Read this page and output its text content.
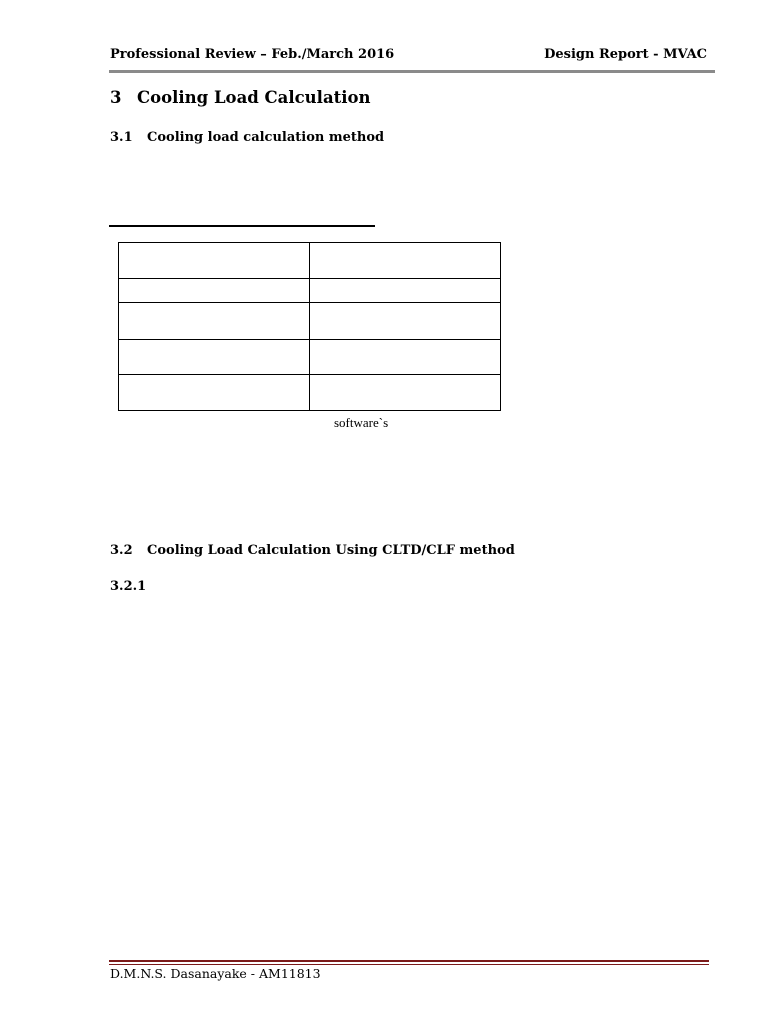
Professional Review – Feb./March 2016	Design Report - MVAC
3 Cooling Load Calculation
3.1 Cooling load calculation method

software`s
3.2 Cooling Load Calculation Using CLTD/CLF method
3.2.1
D.M.N.S. Dasanayake - AM11813
